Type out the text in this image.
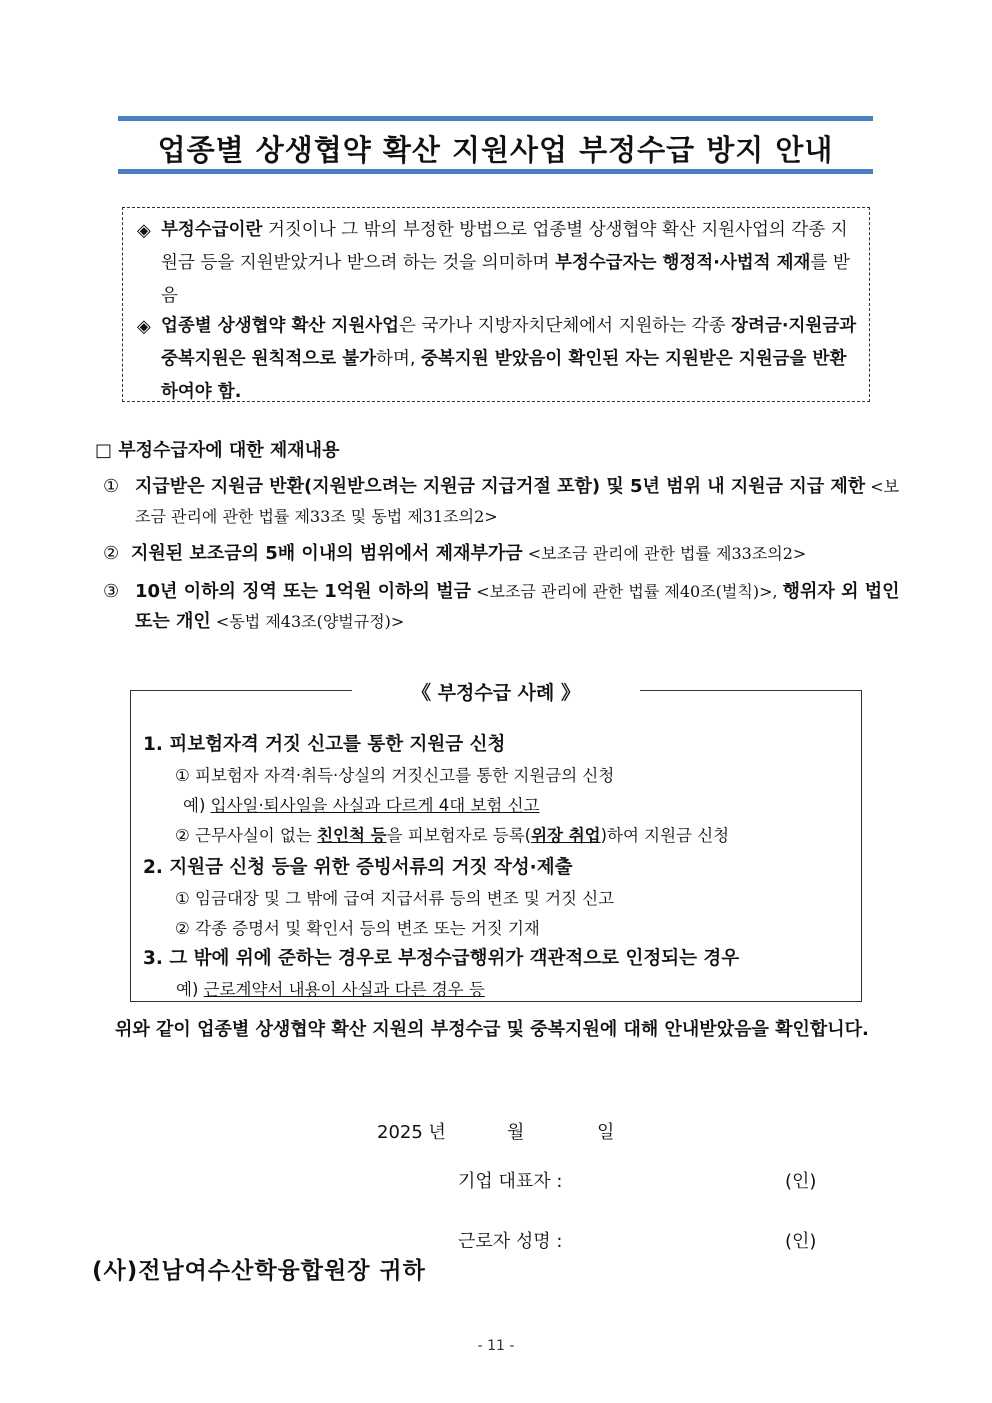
업종별 상생협약 확산 지원사업 부정수급 방지 안내
◈ 부정수급이란 거짓이나 그 밖의 부정한 방법으로 업종별 상생협약 확산 지원사업의 각종 지원금 등을 지원받았거나 받으려 하는 것을 의미하며 부정수급자는 행정적·사법적 제재를 받음
◈ 업종별 상생협약 확산 지원사업은 국가나 지방자치단체에서 지원하는 각종 장려금·지원금과 중복지원은 원칙적으로 불가하며, 중복지원 받았음이 확인된 자는 지원받은 지원금을 반환 하여야 함.
□ 부정수급자에 대한 제재내용
① 지급받은 지원금 반환(지원받으려는 지원금 지급거절 포함) 및 5년 범위 내 지원금 지급 제한 <보조금 관리에 관한 법률 제33조 및 동법 제31조의2>
② 지원된 보조금의 5배 이내의 범위에서 제재부가금 <보조금 관리에 관한 법률 제33조의2>
③ 10년 이하의 징역 또는 1억원 이하의 벌금 <보조금 관리에 관한 법률 제40조(벌칙)>, 행위자 외 법인 또는 개인 <동법 제43조(양벌규정)>
《 부정수급 사례 》
1. 피보험자격 거짓 신고를 통한 지원금 신청
① 피보험자 자격·취득·상실의 거짓신고를 통한 지원금의 신청
예) 입사일·퇴사일을 사실과 다르게 4대 보험 신고
② 근무사실이 없는 친인척 등을 피보험자로 등록(위장 취업)하여 지원금 신청
2. 지원금 신청 등을 위한 증빙서류의 거짓 작성·제출
① 임금대장 및 그 밖에 급여 지급서류 등의 변조 및 거짓 신고
② 각종 증명서 및 확인서 등의 변조 또는 거짓 기재
3. 그 밖에 위에 준하는 경우로 부정수급행위가 객관적으로 인정되는 경우
예) 근로계약서 내용이 사실과 다른 경우 등
위와 같이 업종별 상생협약 확산 지원의 부정수급 및 중복지원에 대해 안내받았음을 확인합니다.
2025 년	월	일
기업 대표자 :	(인)
근로자 성명 :	(인)
(사)전남여수산학융합원장 귀하
- 11 -
